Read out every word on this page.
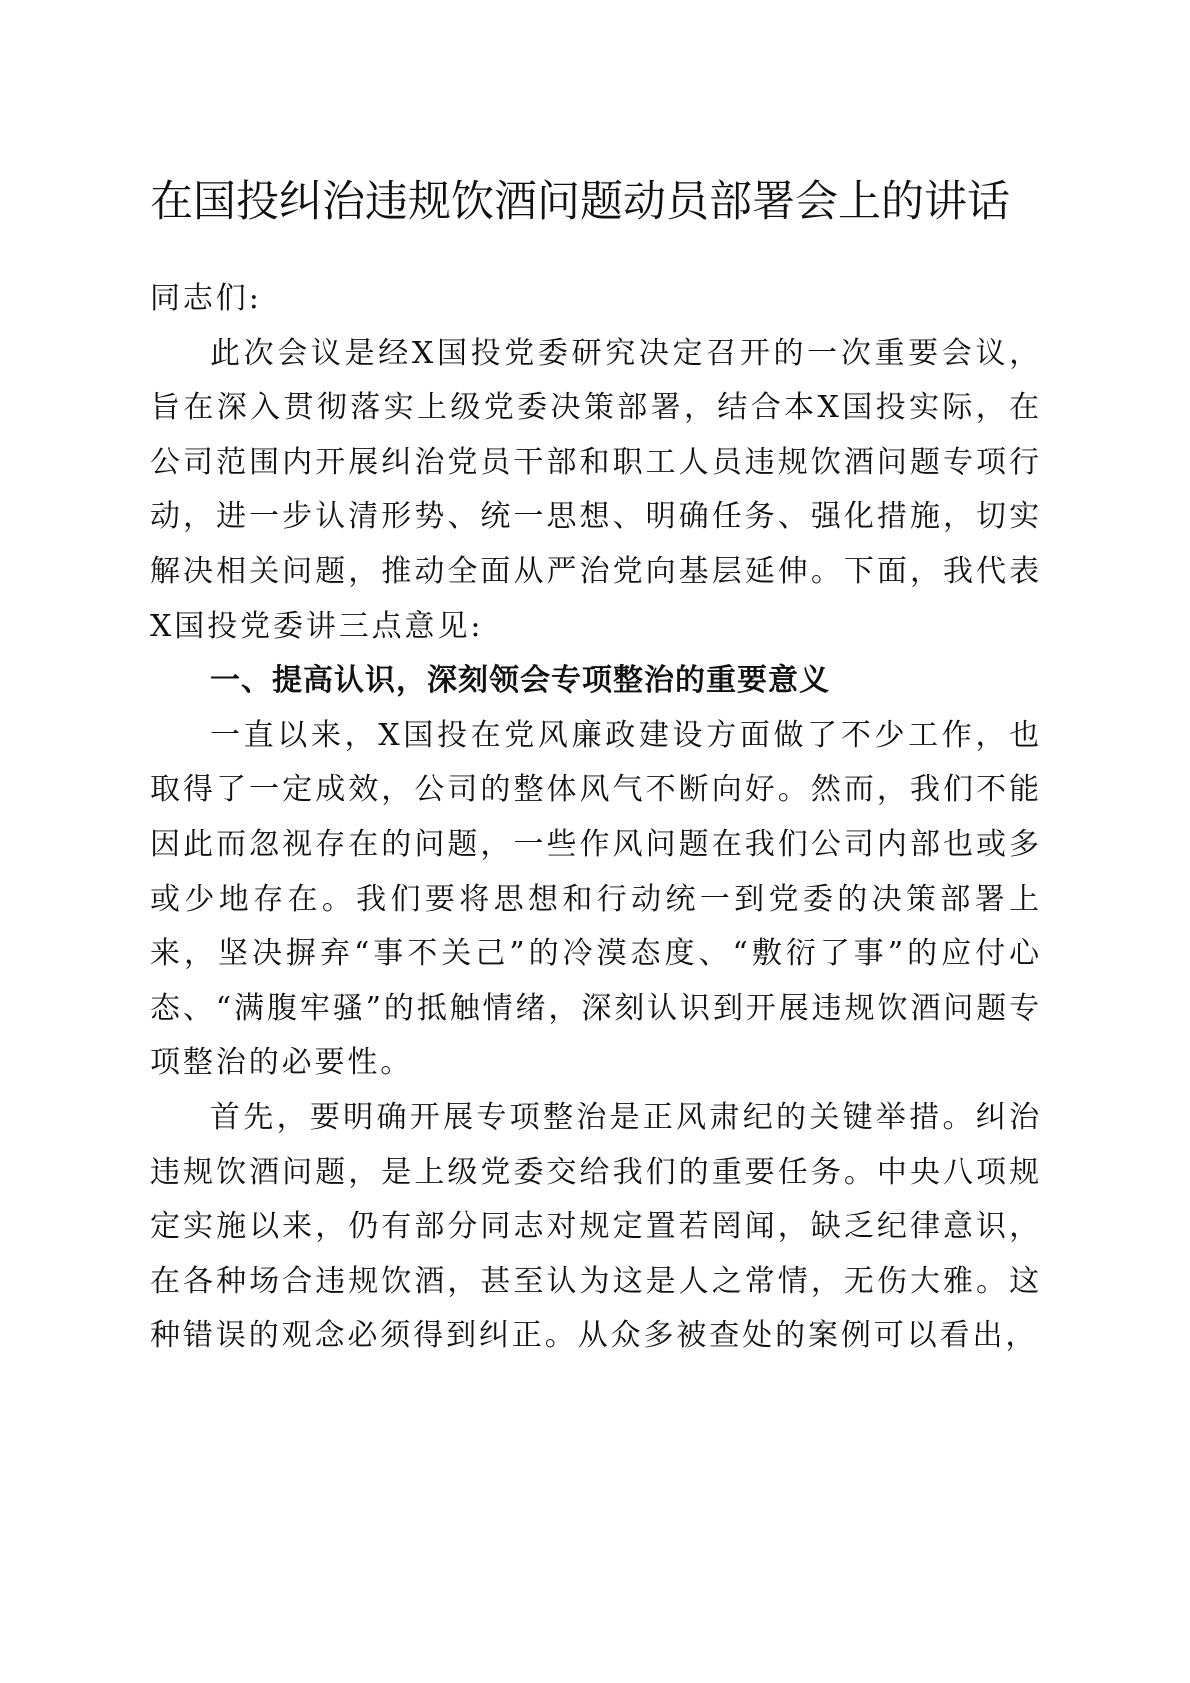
在国投纠治违规饮酒问题动员部署会上的讲话

同志们:

此次会议是经X国投党委研究决定召开的一次重要会议，旨在深入贯彻落实上级党委决策部署，结合本X国投实际，在公司范围内开展纠治党员干部和职工人员违规饮酒问题专项行动，进一步认清形势、统一思想、明确任务、强化措施，切实解决相关问题，推动全面从严治党向基层延伸。下面，我代表X国投党委讲三点意见:

一、提高认识，深刻领会专项整治的重要意义

一直以来，X国投在党风廉政建设方面做了不少工作，也取得了一定成效，公司的整体风气不断向好。然而，我们不能因此而忽视存在的问题，一些作风问题在我们公司内部也或多或少地存在。我们要将思想和行动统一到党委的决策部署上来，坚决摒弃“事不关己”的冷漠态度、“敷衍了事”的应付心态、“满腹牢骚”的抵触情绪，深刻认识到开展违规饮酒问题专项整治的必要性。

首先，要明确开展专项整治是正风肃纪的关键举措。纠治违规饮酒问题，是上级党委交给我们的重要任务。中央八项规定实施以来，仍有部分同志对规定置若罔闻，缺乏纪律意识，在各种场合违规饮酒，甚至认为这是人之常情，无伤大雅。这种错误的观念必须得到纠正。从众多被查处的案例可以看出，
